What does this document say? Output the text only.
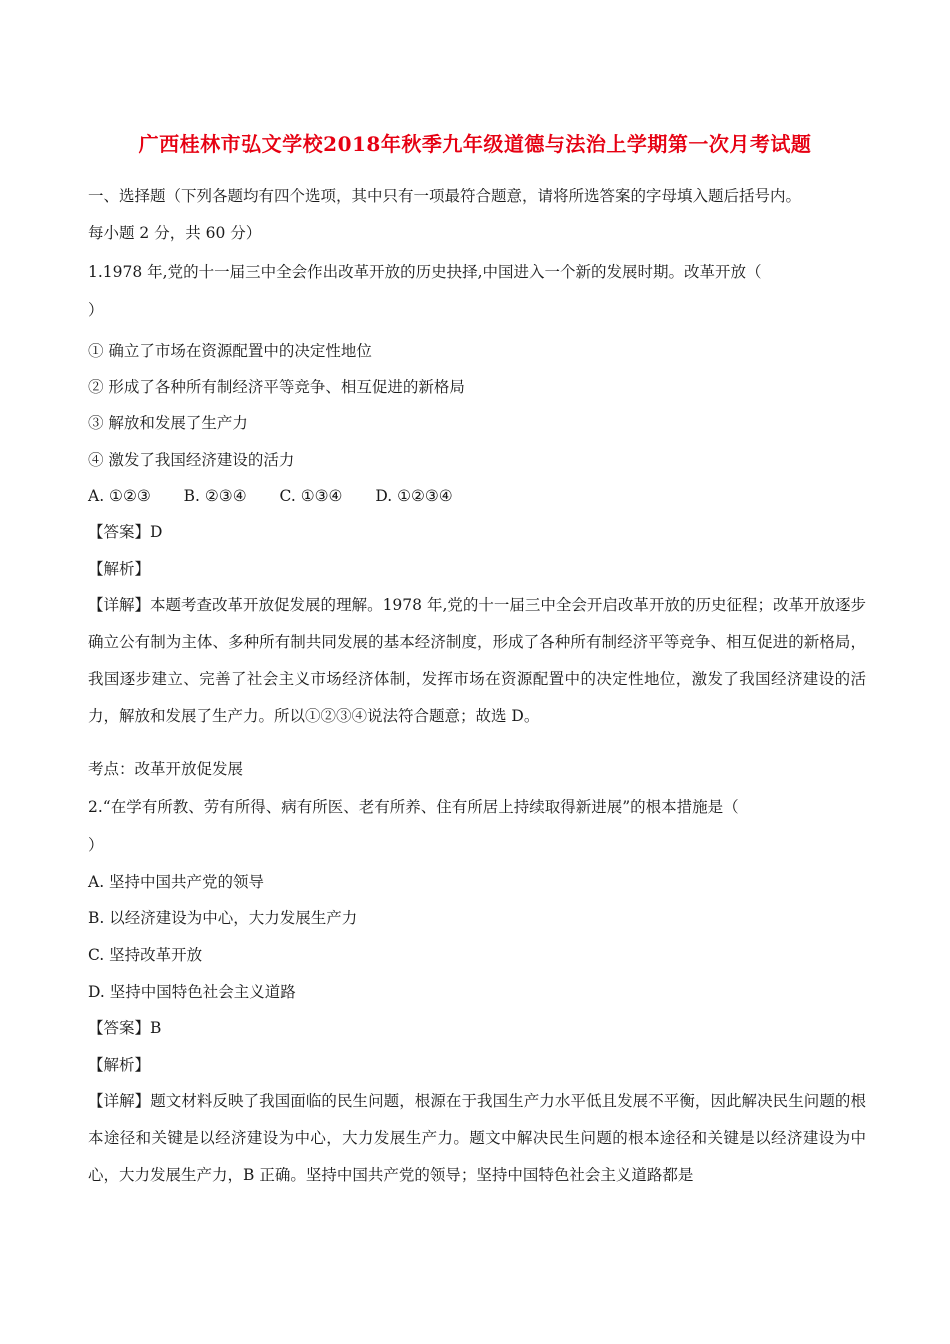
广西桂林市弘文学校2018年秋季九年级道德与法治上学期第一次月考试题
一、选择题（下列各题均有四个选项，其中只有一项最符合题意，请将所选答案的字母填入题后括号内。
每小题 2 分，共 60 分）
1.1978 年,党的十一届三中全会作出改革开放的历史抉择,中国进入一个新的发展时期。改革开放（
）
① 确立了市场在资源配置中的决定性地位
② 形成了各种所有制经济平等竞争、相互促进的新格局
③ 解放和发展了生产力
④ 激发了我国经济建设的活力
A. ①②③ B. ②③④ C. ①③④ D. ①②③④
【答案】D
【解析】
【详解】本题考查改革开放促发展的理解。1978 年,党的十一届三中全会开启改革开放的历史征程；改革开放逐步确立公有制为主体、多种所有制共同发展的基本经济制度，形成了各种所有制经济平等竞争、相互促进的新格局，我国逐步建立、完善了社会主义市场经济体制，发挥市场在资源配置中的决定性地位，激发了我国经济建设的活力，解放和发展了生产力。所以①②③④说法符合题意；故选 D。
考点：改革开放促发展
2.“在学有所教、劳有所得、病有所医、老有所养、住有所居上持续取得新进展”的根本措施是（
）
A. 坚持中国共产党的领导
B. 以经济建设为中心，大力发展生产力
C. 坚持改革开放
D. 坚持中国特色社会主义道路
【答案】B
【解析】
【详解】题文材料反映了我国面临的民生问题，根源在于我国生产力水平低且发展不平衡，因此解决民生问题的根本途径和关键是以经济建设为中心，大力发展生产力。题文中解决民生问题的根本途径和关键是以经济建设为中心，大力发展生产力，B 正确。坚持中国共产党的领导；坚持中国特色社会主义道路都是
